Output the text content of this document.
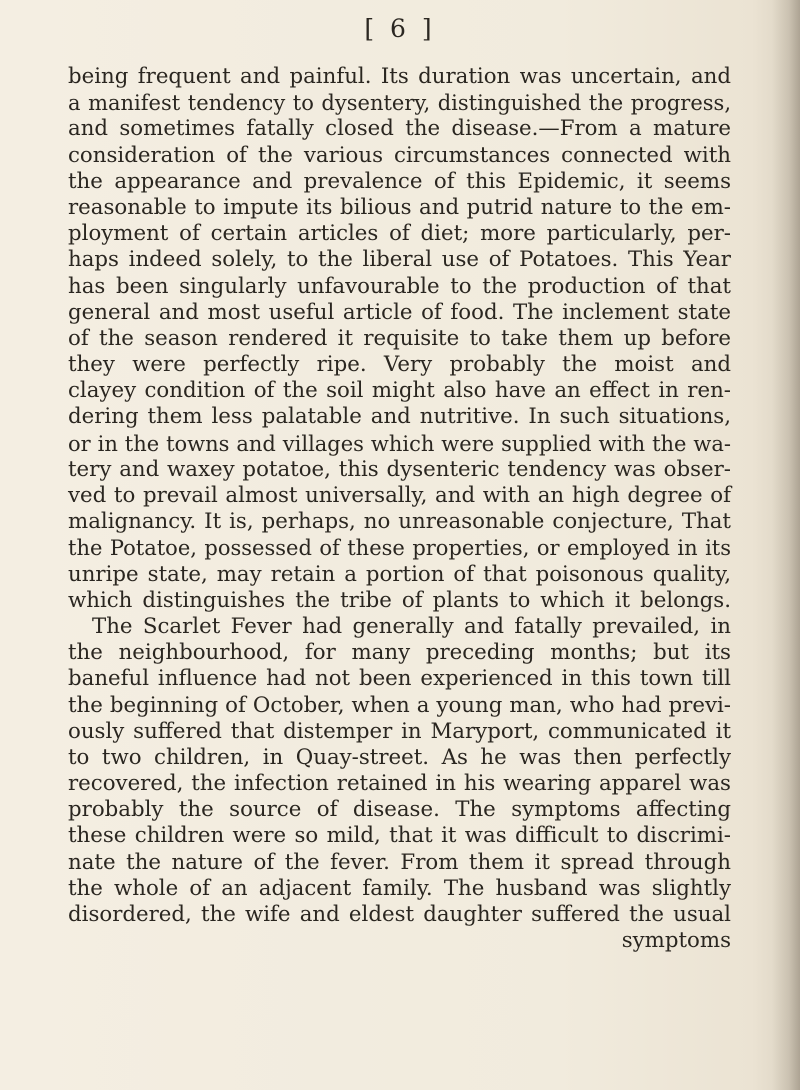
[ 6 ]
being frequent and painful. Its duration was uncertain, and
a manifest tendency to dysentery, distinguished the progress,
and sometimes fatally closed the disease.—From a mature
consideration of the various circumstances connected with
the appearance and prevalence of this Epidemic, it seems
reasonable to impute its bilious and putrid nature to the em-
ployment of certain articles of diet; more particularly, per-
haps indeed solely, to the liberal use of Potatoes. This Year
has been singularly unfavourable to the production of that
general and most useful article of food. The inclement state
of the season rendered it requisite to take them up before
they were perfectly ripe. Very probably the moist and
clayey condition of the soil might also have an effect in ren-
dering them less palatable and nutritive. In such situations,
or in the towns and villages which were supplied with the wa-
tery and waxey potatoe, this dysenteric tendency was obser-
ved to prevail almost universally, and with an high degree of
malignancy. It is, perhaps, no unreasonable conjecture, That
the Potatoe, possessed of these properties, or employed in its
unripe state, may retain a portion of that poisonous quality,
which distinguishes the tribe of plants to which it belongs.
The Scarlet Fever had generally and fatally prevailed, in
the neighbourhood, for many preceding months; but its
baneful influence had not been experienced in this town till
the beginning of October, when a young man, who had previ-
ously suffered that distemper in Maryport, communicated it
to two children, in Quay-street. As he was then perfectly
recovered, the infection retained in his wearing apparel was
probably the source of disease. The symptoms affecting
these children were so mild, that it was difficult to discrimi-
nate the nature of the fever. From them it spread through
the whole of an adjacent family. The husband was slightly
disordered, the wife and eldest daughter suffered the usual
symptoms
